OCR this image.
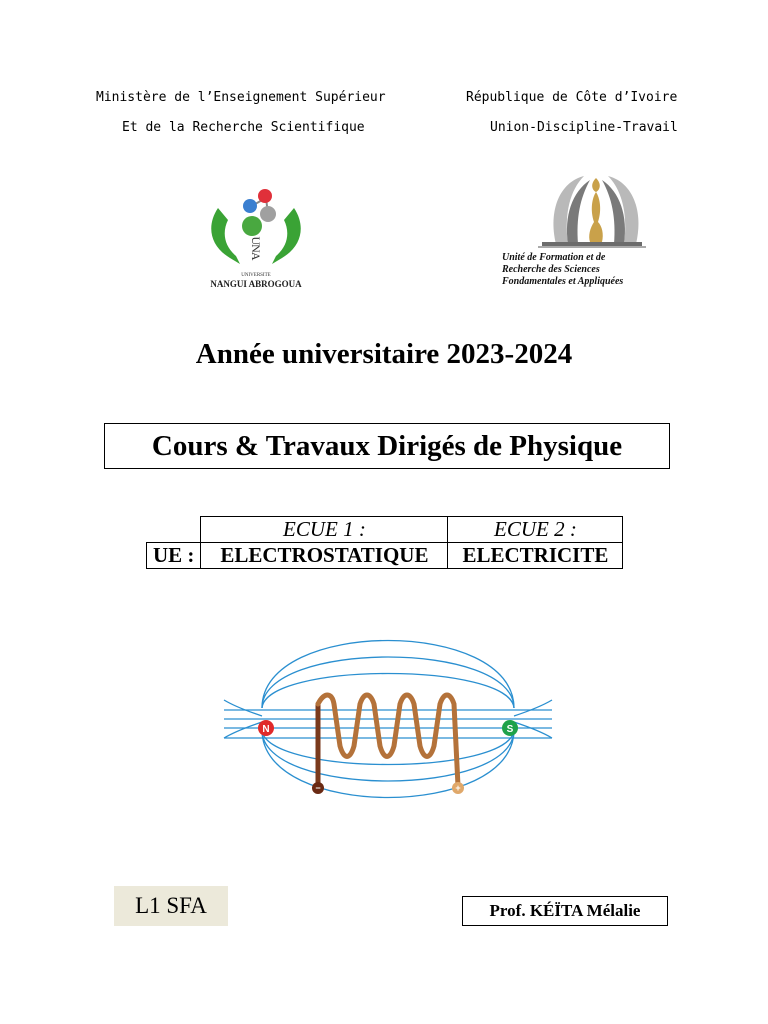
Ministère de l’Enseignement Supérieur
Et de la Recherche Scientifique
République de Côte d’Ivoire
Union-Discipline-Travail
UNA
UNIVERSITE
NANGUI ABROGOUA
Unité de Formation et de
Recherche des Sciences
Fondamentales et Appliquées
Année universitaire 2023-2024
Cours & Travaux Dirigés de Physique
	ECUE 1 :	ECUE 2 :
UE :	ELECTROSTATIQUE	ELECTRICITE
N	S
−	+
L1 SFA	Prof. KÉÏTA Mélalie
